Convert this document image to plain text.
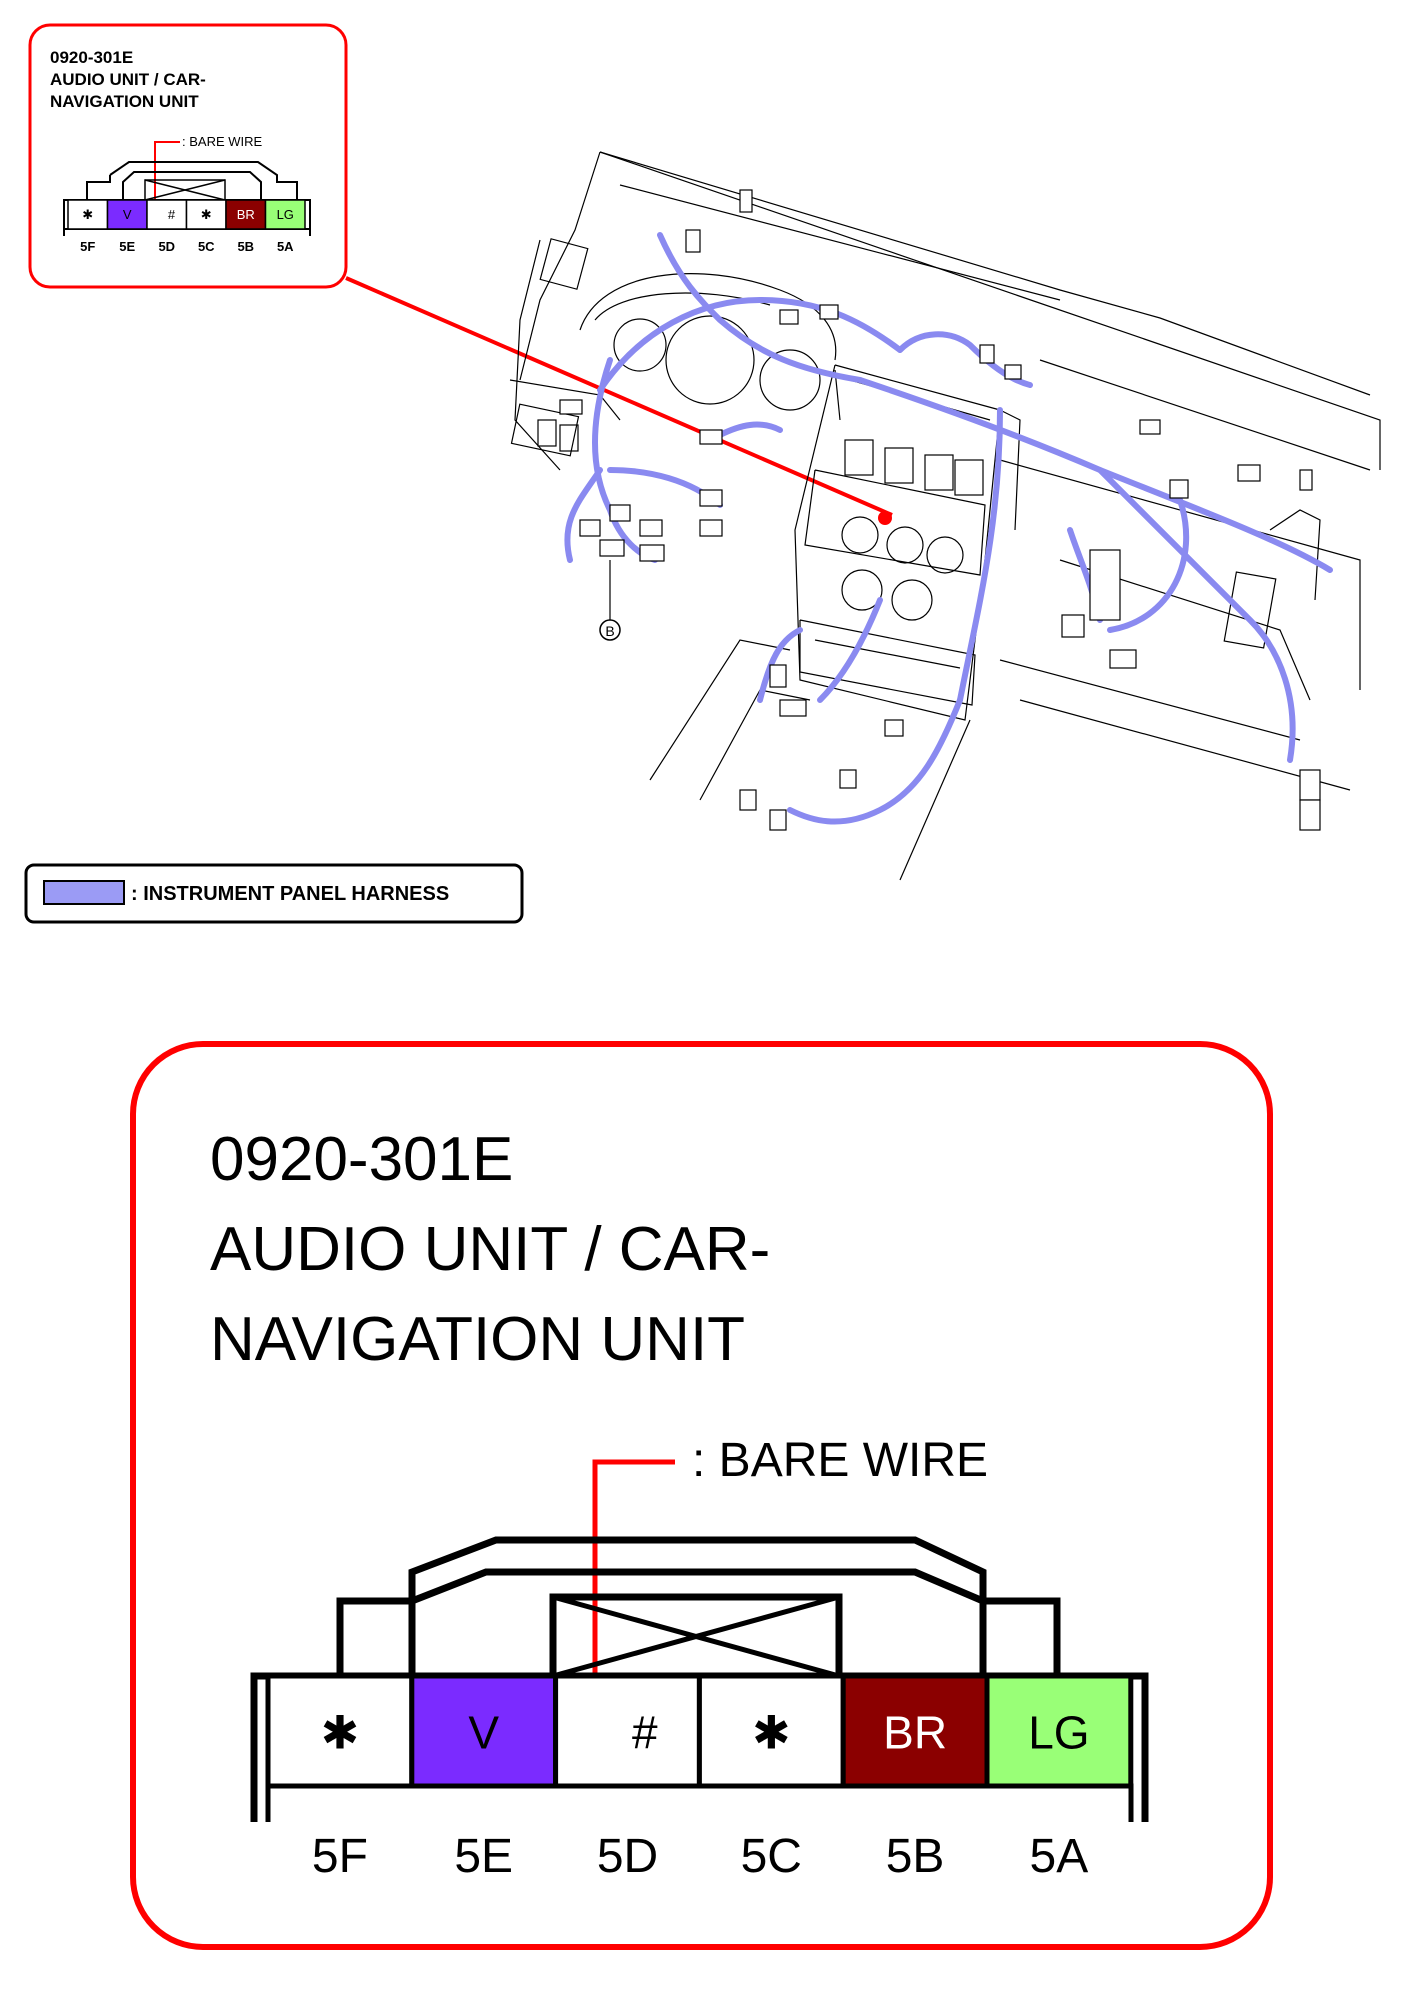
0920-301E
AUDIO UNIT / CAR-
NAVIGATION UNIT
: BARE WIRE
✱
5F
V
5E
#
5D
✱
5C
BR
5B
LG
5A
B
: INSTRUMENT PANEL HARNESS
0920-301E
AUDIO UNIT / CAR-
NAVIGATION UNIT
: BARE WIRE
✱
5F
V
5E
#
5D
✱
5C
BR
5B
LG
5A
